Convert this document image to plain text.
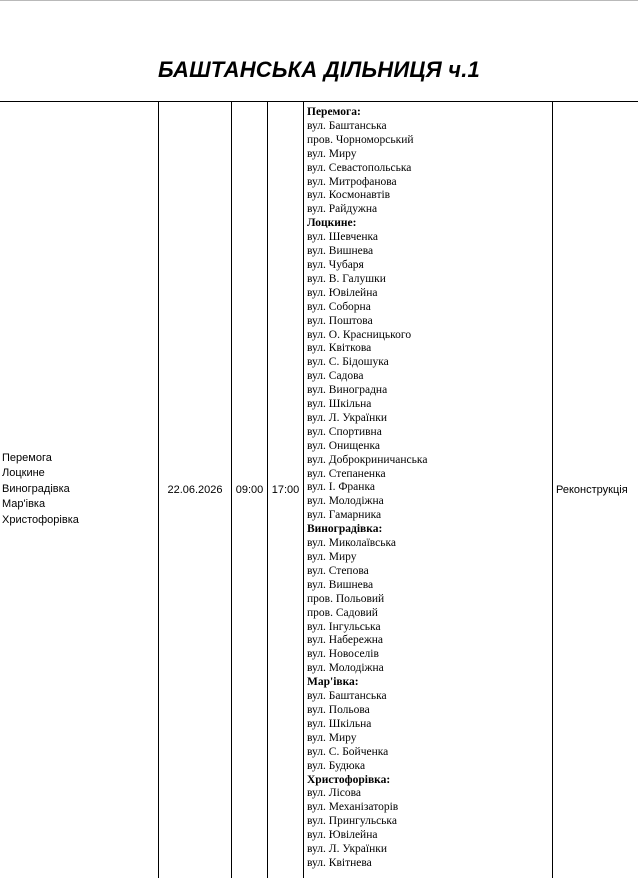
БАШТАНСЬКА ДІЛЬНИЦЯ ч.1
Перемога
Лоцкине
Виноградівка
Мар'івка
Христофорівка
22.06.2026	09:00 17:00
Перемога:
вул. Баштанська
пров. Чорноморський
вул. Миру
вул. Севастопольська
вул. Митрофанова
вул. Космонавтів
вул. Райдужна
Лоцкине:
вул. Шевченка
вул. Вишнева
вул. Чубаря
вул. В. Галушки
вул. Ювілейна
вул. Соборна
вул. Поштова
вул. О. Красницького
вул. Квіткова
вул. С. Бідошука
вул. Садова
вул. Виноградна
вул. Шкільна
вул. Л. Українки
вул. Спортивна
вул. Онищенка
вул. Доброкриничанська
вул. Степаненка
вул. І. Франка
вул. Молодіжна
вул. Гамарника
Виноградівка:
вул. Миколаївська
вул. Миру
вул. Степова
вул. Вишнева
пров. Польовий
пров. Садовий
вул. Інгульська
вул. Набережна
вул. Новоселів
вул. Молодіжна
Мар'івка:
вул. Баштанська
вул. Польова
вул. Шкільна
вул. Миру
вул. С. Бойченка
вул. Будюка
Христофорівка:
вул. Лісова
вул. Механізаторів
вул. Прингульська
вул. Ювілейна
вул. Л. Українки
вул. Квітнева
Реконструкція
